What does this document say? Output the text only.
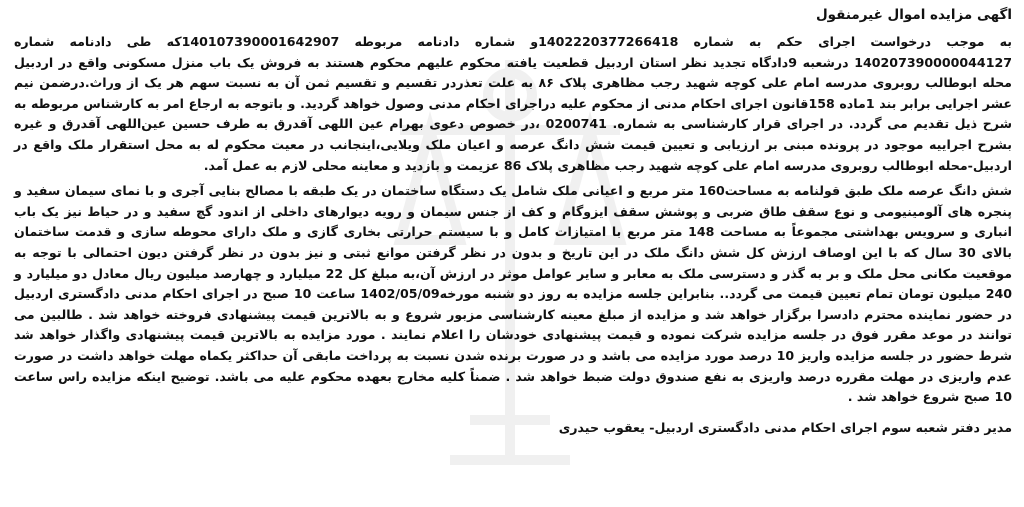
اگهی مزایده اموال غیرمنقول

به موجب درخواست اجرای حکم به شماره 1402220377266418و شماره دادنامه مربوطه 140107390001642907که طی دادنامه شماره 140207390000044127 درشعبه 9دادگاه تجدید نظر استان اردبیل قطعیت یافته محکوم علیهم محکوم هستند به فروش یک باب منزل مسکونی واقع در اردبیل محله ابوطالب روبروی مدرسه امام علی کوچه شهید رجب مظاهری پلاک ۸۶ به علت تعذردر تقسیم و تقسیم ثمن آن به نسبت سهم هر یک از وراث.درضمن نیم عشر اجرایی برابر بند 1ماده 158قانون اجرای احکام مدنی از محکوم علیه دراجرای احکام مدنی وصول خواهد گردید. و باتوجه به ارجاع امر به کارشناس مربوطه به شرح ذیل تقدیم می گردد. در اجرای قرار کارشناسی به شماره. 0200741 ،در خصوص دعوی بهرام عین اللهی آقدرق به طرف حسین عین‌اللهی آقدرق و غیره بشرح اجراییه موجود در پرونده مبنی بر ارزیابی و تعیین قیمت شش دانگ عرصه و اعیان ملک ویلایی،اینجانب در معیت محکوم له به محل استقرار ملک واقع در اردبیل-محله ابوطالب روبروی مدرسه امام علی کوچه شهید رجب مظاهری پلاک 86 عزیمت و بازدید و معاینه محلی لازم به عمل آمد.

شش دانگ عرصه ملک طبق قولنامه به مساحت160 متر مربع و اعیانی ملک شامل یک دستگاه ساختمان در یک طبقه با مصالح بنایی آجری و با نمای سیمان سفید و پنجره های آلومینیومی و نوع سقف طاق ضربی و پوشش سقف ایزوگام و کف از جنس سیمان و رویه دیوارهای داخلی از اندود گچ سفید و در حیاط نیز یک باب انباری و سرویس بهداشتی مجموعاً به مساحت 148 متر مربع با امتیازات کامل و با سیستم حرارتی بخاری گازی و ملک دارای محوطه سازی و قدمت ساختمان بالای 30 سال که با این اوصاف ارزش کل شش دانگ ملک در این تاریخ و بدون در نظر گرفتن موانع ثبتی و نیز بدون در نظر گرفتن دیون احتمالی با توجه به موقعیت مکانی محل ملک و بر به گذر و دسترسی ملک به معابر و سایر عوامل موثر در ارزش آن،به مبلغ کل 22 میلیارد و چهارصد میلیون ریال معادل دو میلیارد و 240 میلیون تومان تمام تعیین قیمت می گردد.. بنابراین جلسه مزایده به روز دو شنبه مورخه1402/05/09 ساعت 10 صبح در اجرای احکام مدنی دادگستری اردبیل در حضور نماینده محترم دادسرا برگزار خواهد شد و مزایده از مبلغ معینه کارشناسی مزبور شروع و به بالاترین قیمت پیشنهادی فروخته خواهد شد . طالبین می توانند در موعد مقرر فوق در جلسه مزایده شرکت نموده و قیمت پیشنهادی خودشان را اعلام نمایند . مورد مزایده به بالاترین قیمت پیشنهادی واگذار خواهد شد شرط حضور در جلسه مزایده واریز 10 درصد مورد مزایده می باشد و در صورت برنده شدن نسبت به پرداخت مابقی آن حداکثر یکماه مهلت خواهد داشت در صورت عدم واریزی در مهلت مقرره درصد واریزی به نفع صندوق دولت ضبط خواهد شد . ضمناً کلیه مخارج بعهده محکوم علیه می باشد. توضیح اینکه مزایده راس ساعت 10 صبح شروع خواهد شد .

مدیر دفتر شعبه سوم اجرای احکام مدنی دادگستری اردبیل- یعقوب حیدری
